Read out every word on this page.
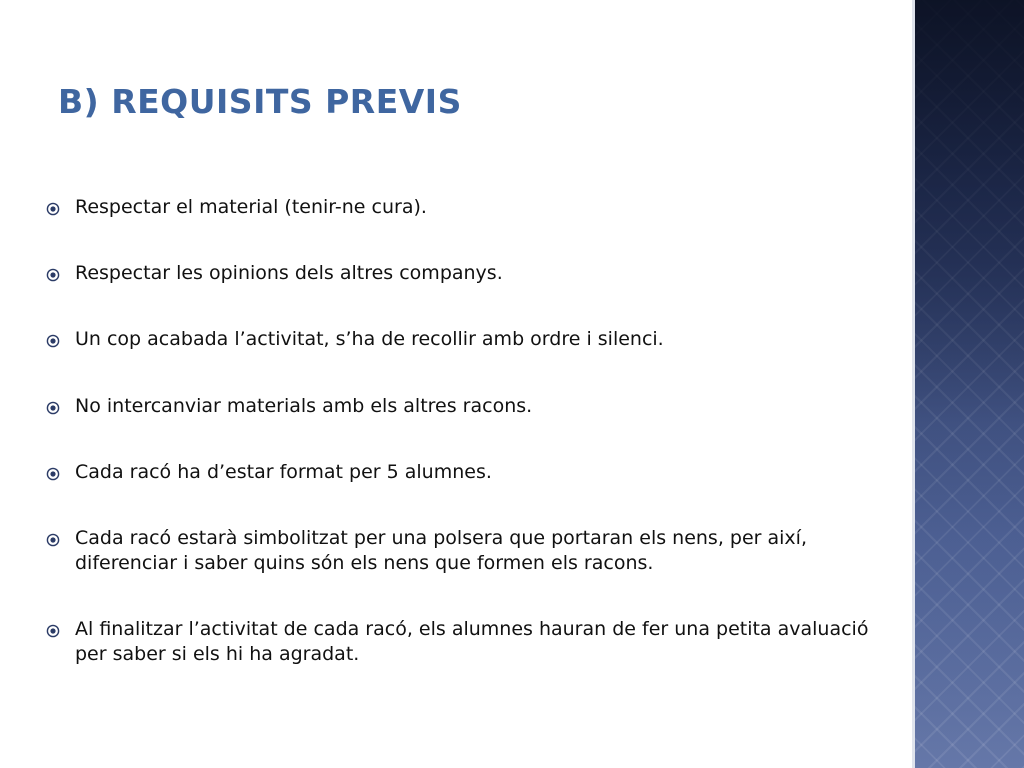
B) REQUISITS PREVIS
Respectar el material (tenir-ne cura).
Respectar les opinions dels altres companys.
Un cop acabada l’activitat, s’ha de recollir amb ordre i silenci.
No intercanviar materials amb els altres racons.
Cada racó ha d’estar format per 5 alumnes.
Cada racó estarà simbolitzat per una polsera que portaran els nens, per així, diferenciar i saber quins són els nens que formen els racons.
Al finalitzar l’activitat de cada racó, els alumnes hauran de fer una petita avaluació per saber si els hi ha agradat.
